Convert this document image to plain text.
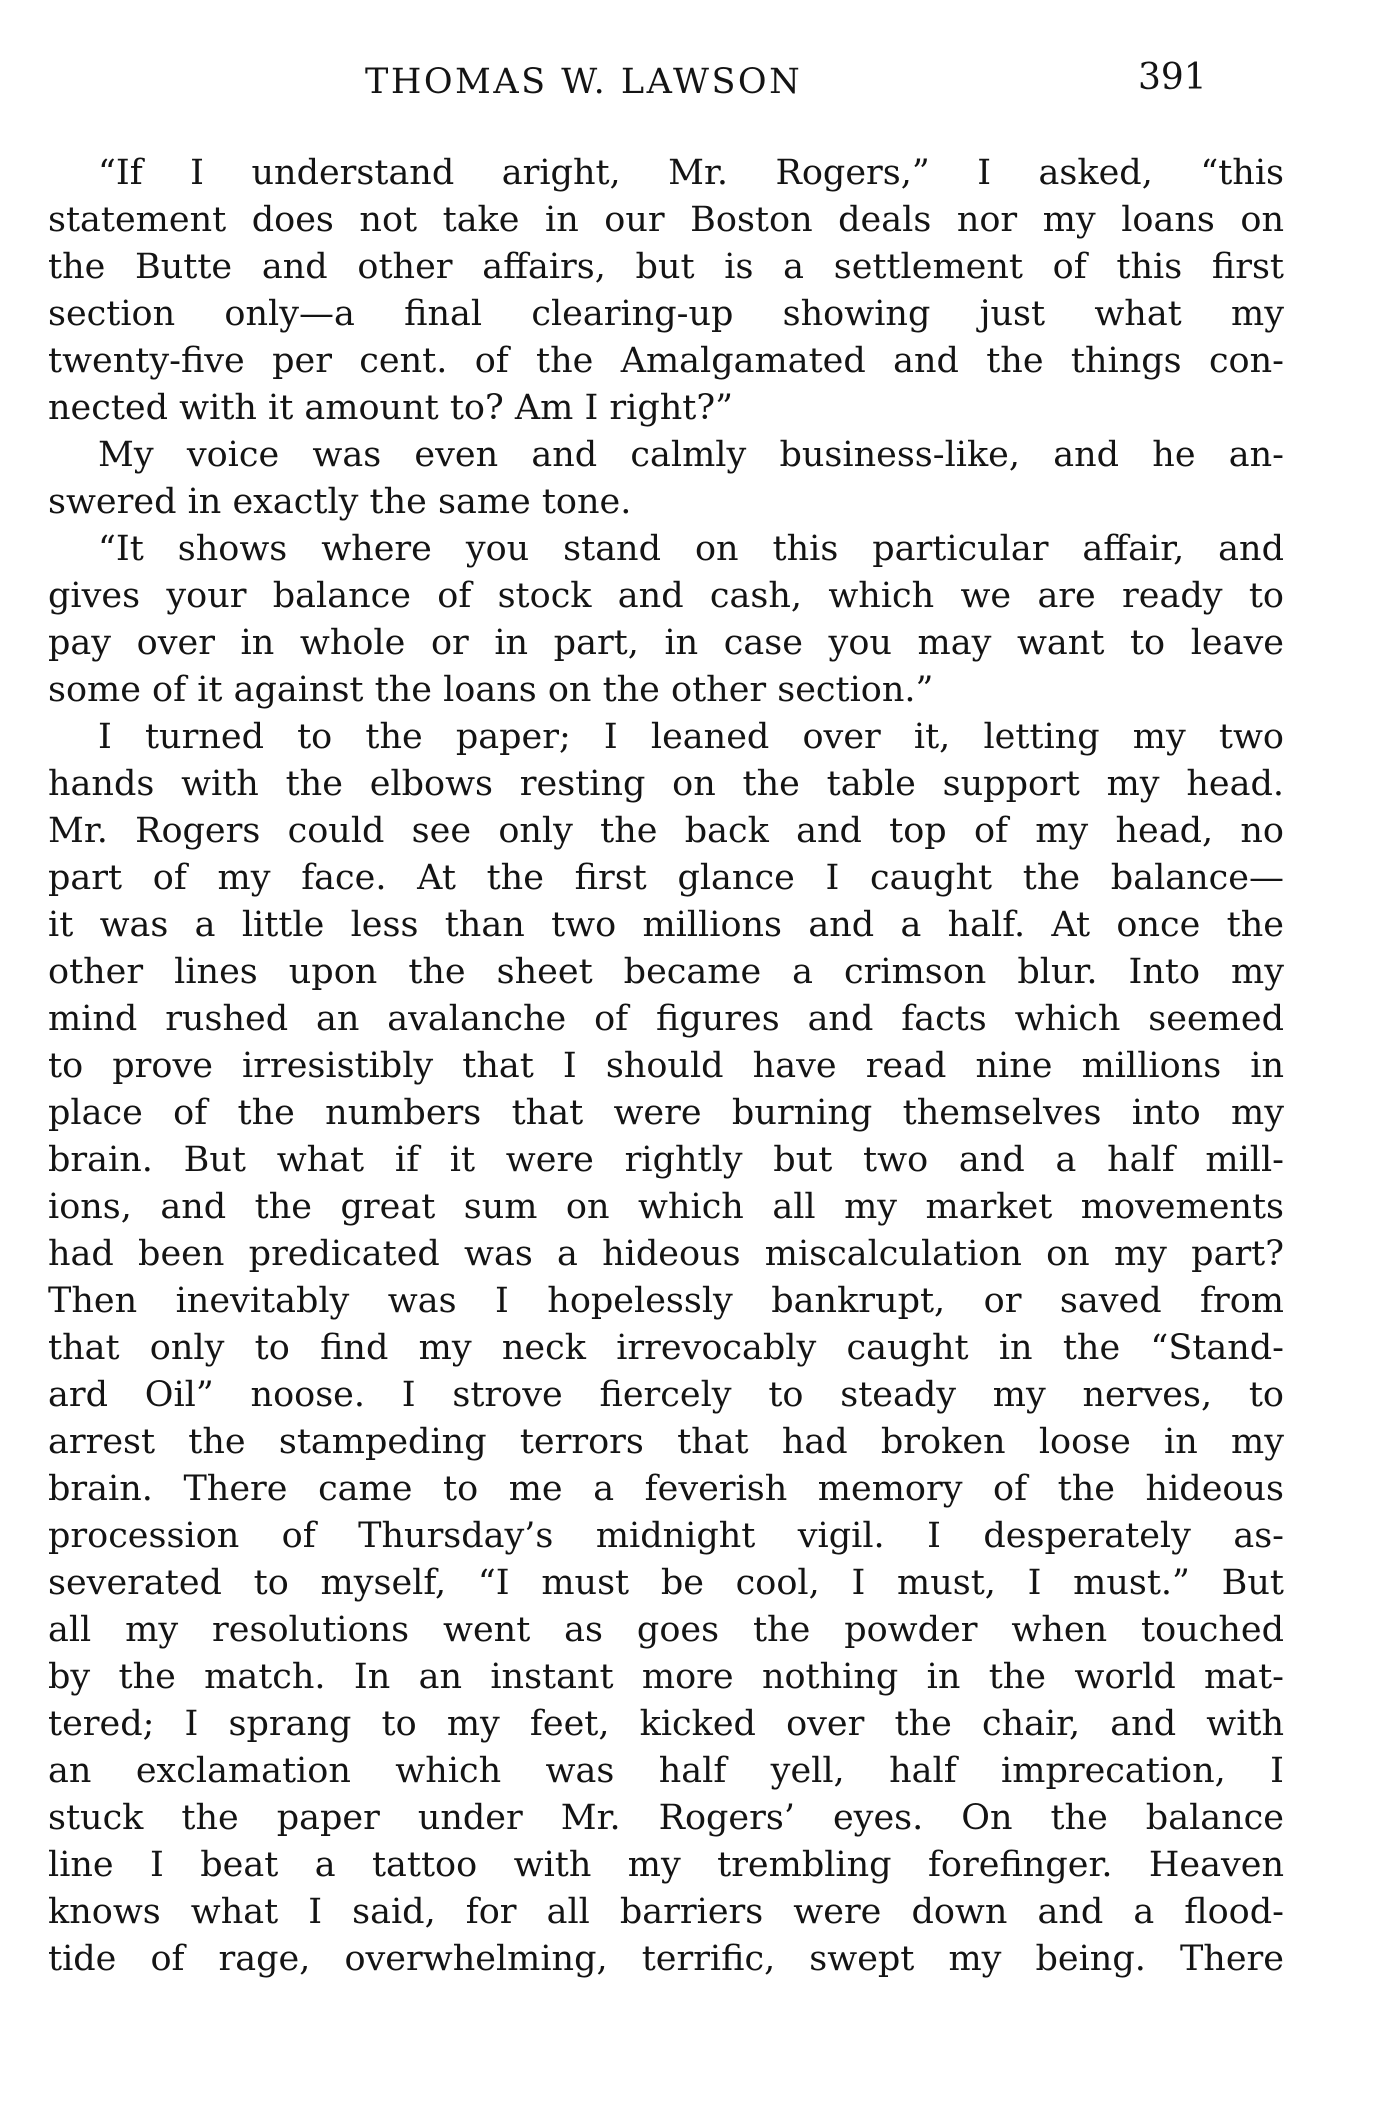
THOMAS W. LAWSON	391
“If I understand aright, Mr. Rogers,” I asked, “this
statement does not take in our Boston deals nor my loans on
the Butte and other affairs, but is a settlement of this first
section only—a final clearing-up showing just what my
twenty-five per cent. of the Amalgamated and the things con-
nected with it amount to? Am I right?”
My voice was even and calmly business-like, and he an-
swered in exactly the same tone.
“It shows where you stand on this particular affair, and
gives your balance of stock and cash, which we are ready to
pay over in whole or in part, in case you may want to leave
some of it against the loans on the other section.”
I turned to the paper; I leaned over it, letting my two
hands with the elbows resting on the table support my head.
Mr. Rogers could see only the back and top of my head, no
part of my face. At the first glance I caught the balance—
it was a little less than two millions and a half. At once the
other lines upon the sheet became a crimson blur. Into my
mind rushed an avalanche of figures and facts which seemed
to prove irresistibly that I should have read nine millions in
place of the numbers that were burning themselves into my
brain. But what if it were rightly but two and a half mill-
ions, and the great sum on which all my market movements
had been predicated was a hideous miscalculation on my part?
Then inevitably was I hopelessly bankrupt, or saved from
that only to find my neck irrevocably caught in the “Stand-
ard Oil” noose. I strove fiercely to steady my nerves, to
arrest the stampeding terrors that had broken loose in my
brain. There came to me a feverish memory of the hideous
procession of Thursday’s midnight vigil. I desperately as-
severated to myself, “I must be cool, I must, I must.” But
all my resolutions went as goes the powder when touched
by the match. In an instant more nothing in the world mat-
tered; I sprang to my feet, kicked over the chair, and with
an exclamation which was half yell, half imprecation, I
stuck the paper under Mr. Rogers’ eyes. On the balance
line I beat a tattoo with my trembling forefinger. Heaven
knows what I said, for all barriers were down and a flood-
tide of rage, overwhelming, terrific, swept my being. There
